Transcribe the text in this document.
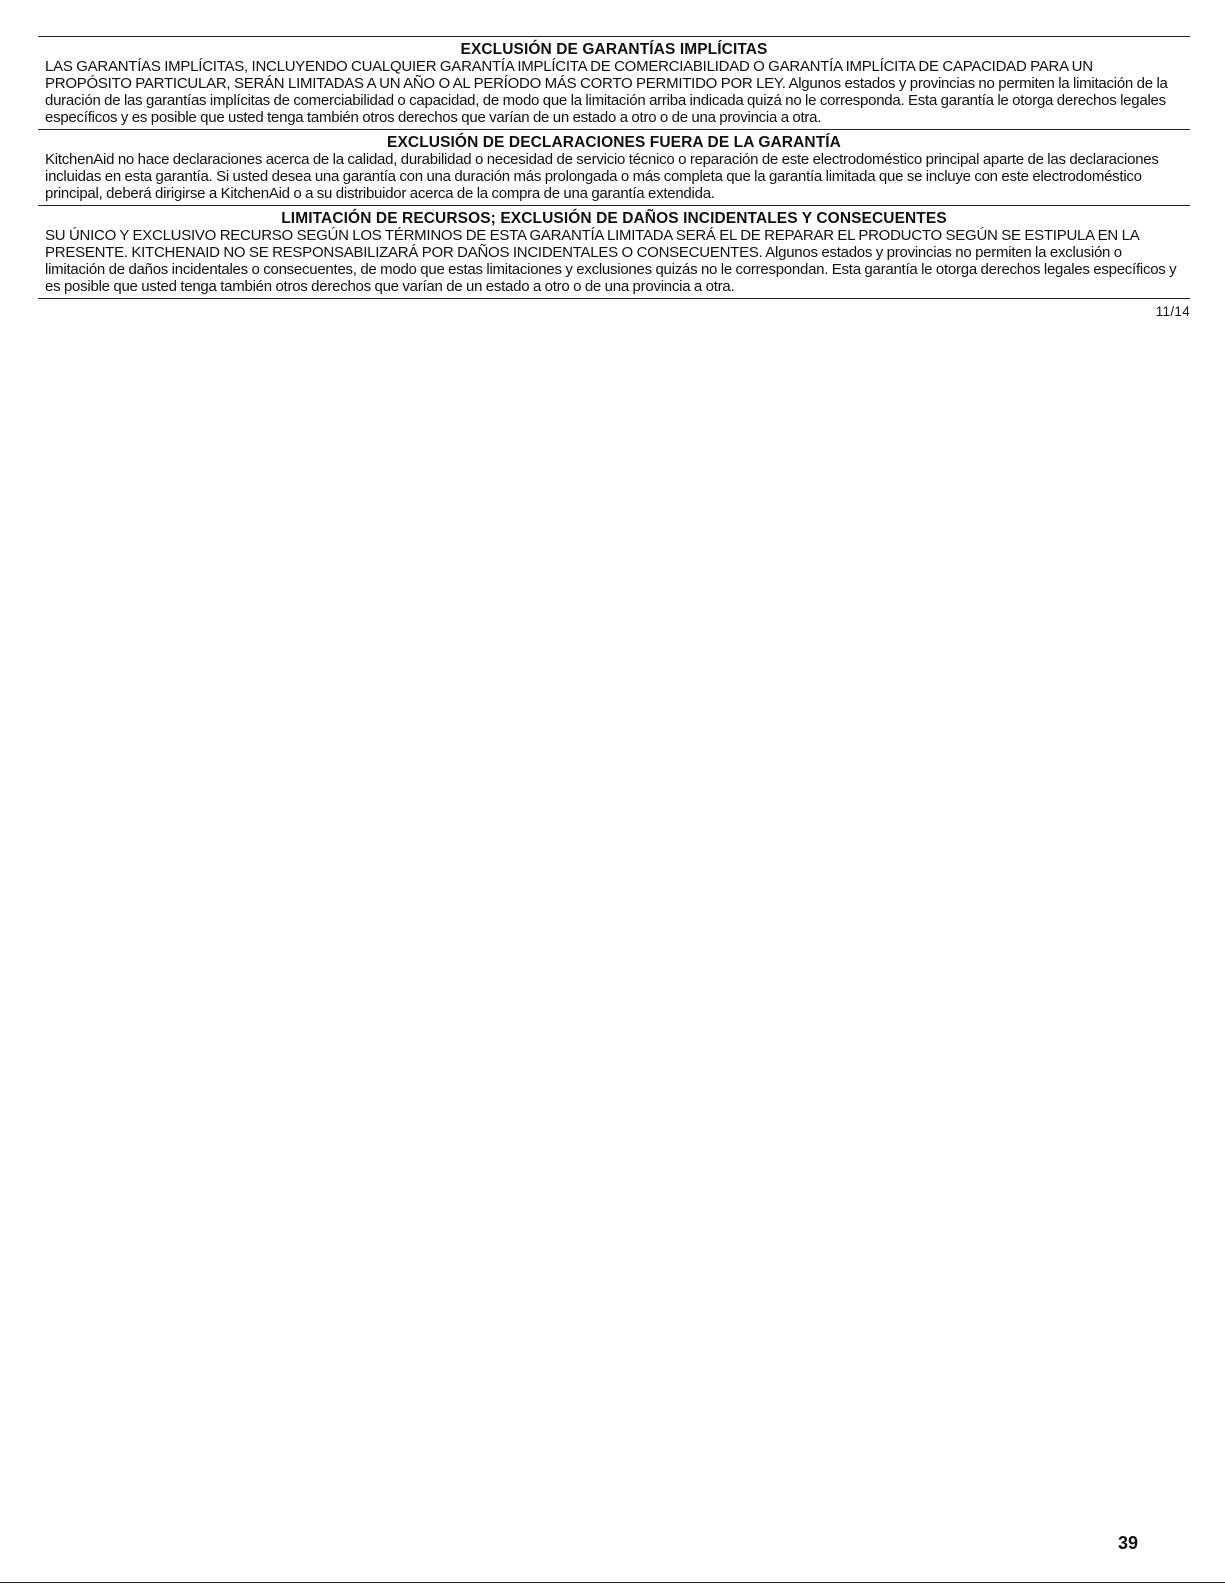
EXCLUSIÓN DE GARANTÍAS IMPLÍCITAS

LAS GARANTÍAS IMPLÍCITAS, INCLUYENDO CUALQUIER GARANTÍA IMPLÍCITA DE COMERCIABILIDAD O GARANTÍA IMPLÍCITA DE CAPACIDAD PARA UN PROPÓSITO PARTICULAR, SERÁN LIMITADAS A UN AÑO O AL PERÍODO MÁS CORTO PERMITIDO POR LEY. Algunos estados y provincias no permiten la limitación de la duración de las garantías implícitas de comerciabilidad o capacidad, de modo que la limitación arriba indicada quizá no le corresponda. Esta garantía le otorga derechos legales específicos y es posible que usted tenga también otros derechos que varían de un estado a otro o de una provincia a otra.

EXCLUSIÓN DE DECLARACIONES FUERA DE LA GARANTÍA

KitchenAid no hace declaraciones acerca de la calidad, durabilidad o necesidad de servicio técnico o reparación de este electrodoméstico principal aparte de las declaraciones incluidas en esta garantía. Si usted desea una garantía con una duración más prolongada o más completa que la garantía limitada que se incluye con este electrodoméstico principal, deberá dirigirse a KitchenAid o a su distribuidor acerca de la compra de una garantía extendida.

LIMITACIÓN DE RECURSOS; EXCLUSIÓN DE DAÑOS INCIDENTALES Y CONSECUENTES

SU ÚNICO Y EXCLUSIVO RECURSO SEGÚN LOS TÉRMINOS DE ESTA GARANTÍA LIMITADA SERÁ EL DE REPARAR EL PRODUCTO SEGÚN SE ESTIPULA EN LA PRESENTE. KITCHENAID NO SE RESPONSABILIZARÁ POR DAÑOS INCIDENTALES O CONSECUENTES. Algunos estados y provincias no permiten la exclusión o limitación de daños incidentales o consecuentes, de modo que estas limitaciones y exclusiones quizás no le correspondan. Esta garantía le otorga derechos legales específicos y es posible que usted tenga también otros derechos que varían de un estado a otro o de una provincia a otra.

11/14
39
